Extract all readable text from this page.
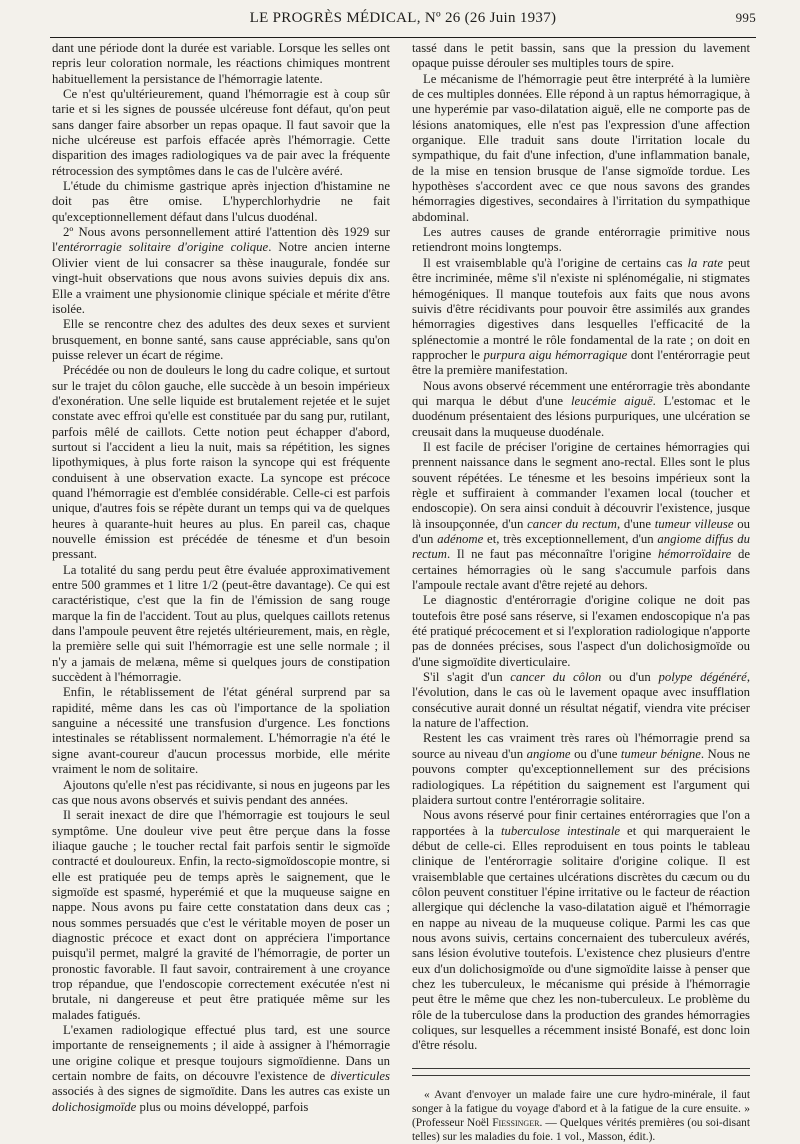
LE PROGRÈS MÉDICAL, Nº 26 (26 Juin 1937)	995

dant une période dont la durée est variable. Lorsque les selles ont repris leur coloration normale, les réactions chimiques montrent habituellement la persistance de l'hémorragie latente.

Ce n'est qu'ultérieurement, quand l'hémorragie est à coup sûr tarie et si les signes de poussée ulcéreuse font défaut, qu'on peut sans danger faire absorber un repas opaque. Il faut savoir que la niche ulcéreuse est parfois effacée après l'hémorragie. Cette disparition des images radiologiques va de pair avec la fréquente rétrocession des symptômes dans le cas de l'ulcère avéré.

L'étude du chimisme gastrique après injection d'histamine ne doit pas être omise. L'hyperchlorhydrie ne fait qu'exceptionnellement défaut dans l'ulcus duodénal.

2º Nous avons personnellement attiré l'attention dès 1929 sur l'entérorragie solitaire d'origine colique. Notre ancien interne Olivier vient de lui consacrer sa thèse inaugurale, fondée sur vingt-huit observations que nous avons suivies depuis dix ans. Elle a vraiment une physionomie clinique spéciale et mérite d'être isolée.

Elle se rencontre chez des adultes des deux sexes et survient brusquement, en bonne santé, sans cause appréciable, sans qu'on puisse relever un écart de régime.

Précédée ou non de douleurs le long du cadre colique, et surtout sur le trajet du côlon gauche, elle succède à un besoin impérieux d'exonération. Une selle liquide est brutalement rejetée et le sujet constate avec effroi qu'elle est constituée par du sang pur, rutilant, parfois mêlé de caillots. Cette notion peut échapper d'abord, surtout si l'accident a lieu la nuit, mais sa répétition, les signes lipothymiques, à plus forte raison la syncope qui est fréquente conduisent à une observation exacte. La syncope est précoce quand l'hémorragie est d'emblée considérable. Celle-ci est parfois unique, d'autres fois se répète durant un temps qui va de quelques heures à quarante-huit heures au plus. En pareil cas, chaque nouvelle émission est précédée de ténesme et d'un besoin pressant.

La totalité du sang perdu peut être évaluée approximativement entre 500 grammes et 1 litre 1/2 (peut-être davantage). Ce qui est caractéristique, c'est que la fin de l'émission de sang rouge marque la fin de l'accident. Tout au plus, quelques caillots retenus dans l'ampoule peuvent être rejetés ultérieurement, mais, en règle, la première selle qui suit l'hémorragie est une selle normale ; il n'y a jamais de melæna, même si quelques jours de constipation succèdent à l'hémorragie.

Enfin, le rétablissement de l'état général surprend par sa rapidité, même dans les cas où l'importance de la spoliation sanguine a nécessité une transfusion d'urgence. Les fonctions intestinales se rétablissent normalement. L'hémorragie n'a été le signe avant-coureur d'aucun processus morbide, elle mérite vraiment le nom de solitaire.

Ajoutons qu'elle n'est pas récidivante, si nous en jugeons par les cas que nous avons observés et suivis pendant des années.

Il serait inexact de dire que l'hémorragie est toujours le seul symptôme. Une douleur vive peut être perçue dans la fosse iliaque gauche ; le toucher rectal fait parfois sentir le sigmoïde contracté et douloureux. Enfin, la recto-sigmoïdoscopie montre, si elle est pratiquée peu de temps après le saignement, que le sigmoïde est spasmé, hyperémié et que la muqueuse saigne en nappe. Nous avons pu faire cette constatation dans deux cas ; nous sommes persuadés que c'est le véritable moyen de poser un diagnostic précoce et exact dont on appréciera l'importance puisqu'il permet, malgré la gravité de l'hémorragie, de porter un pronostic favorable. Il faut savoir, contrairement à une croyance trop répandue, que l'endoscopie correctement exécutée n'est ni brutale, ni dangereuse et peut être pratiquée même sur les malades fatigués.

L'examen radiologique effectué plus tard, est une source importante de renseignements ; il aide à assigner à l'hémorragie une origine colique et presque toujours sigmoïdienne. Dans un certain nombre de faits, on découvre l'existence de diverticules associés à des signes de sigmoïdite. Dans les autres cas existe un dolichosigmoïde plus ou moins développé, parfois

tassé dans le petit bassin, sans que la pression du lavement opaque puisse dérouler ses multiples tours de spire.

Le mécanisme de l'hémorragie peut être interprété à la lumière de ces multiples données. Elle répond à un raptus hémorragique, à une hyperémie par vaso-dilatation aiguë, elle ne comporte pas de lésions anatomiques, elle n'est pas l'expression d'une affection organique. Elle traduit sans doute l'irritation locale du sympathique, du fait d'une infection, d'une inflammation banale, de la mise en tension brusque de l'anse sigmoïde tordue. Les hypothèses s'accordent avec ce que nous savons des grandes hémorragies digestives, secondaires à l'irritation du sympathique abdominal.

Les autres causes de grande entérorragie primitive nous retiendront moins longtemps.

Il est vraisemblable qu'à l'origine de certains cas la rate peut être incriminée, même s'il n'existe ni splénomégalie, ni stigmates hémogéniques. Il manque toutefois aux faits que nous avons suivis d'être récidivants pour pouvoir être assimilés aux grandes hémorragies digestives dans lesquelles l'efficacité de la splénectomie a montré le rôle fondamental de la rate ; on doit en rapprocher le purpura aigu hémorragique dont l'entérorragie peut être la première manifestation.

Nous avons observé récemment une entérorragie très abondante qui marqua le début d'une leucémie aiguë. L'estomac et le duodénum présentaient des lésions purpuriques, une ulcération se creusait dans la muqueuse duodénale.

Il est facile de préciser l'origine de certaines hémorragies qui prennent naissance dans le segment ano-rectal. Elles sont le plus souvent répétées. Le ténesme et les besoins impérieux sont la règle et suffiraient à commander l'examen local (toucher et endoscopie). On sera ainsi conduit à découvrir l'existence, jusque là insoupçonnée, d'un cancer du rectum, d'une tumeur villeuse ou d'un adénome et, très exceptionnellement, d'un angiome diffus du rectum. Il ne faut pas méconnaître l'origine hémorroïdaire de certaines hémorragies où le sang s'accumule parfois dans l'ampoule rectale avant d'être rejeté au dehors.

Le diagnostic d'entérorragie d'origine colique ne doit pas toutefois être posé sans réserve, si l'examen endoscopique n'a pas été pratiqué précocement et si l'exploration radiologique n'apporte pas de données précises, sous l'aspect d'un dolichosigmoïde ou d'une sigmoïdite diverticulaire.

S'il s'agit d'un cancer du côlon ou d'un polype dégénéré, l'évolution, dans le cas où le lavement opaque avec insufflation consécutive aurait donné un résultat négatif, viendra vite préciser la nature de l'affection.

Restent les cas vraiment très rares où l'hémorragie prend sa source au niveau d'un angiome ou d'une tumeur bénigne. Nous ne pouvons compter qu'exceptionnellement sur des précisions radiologiques. La répétition du saignement est l'argument qui plaidera surtout contre l'entérorragie solitaire.

Nous avons réservé pour finir certaines entérorragies que l'on a rapportées à la tuberculose intestinale et qui marqueraient le début de celle-ci. Elles reproduisent en tous points le tableau clinique de l'entérorragie solitaire d'origine colique. Il est vraisemblable que certaines ulcérations discrètes du cæcum ou du côlon peuvent constituer l'épine irritative ou le facteur de réaction allergique qui déclenche la vaso-dilatation aiguë et l'hémorragie en nappe au niveau de la muqueuse colique. Parmi les cas que nous avons suivis, certains concernaient des tuberculeux avérés, sans lésion évolutive toutefois. L'existence chez plusieurs d'entre eux d'un dolichosigmoïde ou d'une sigmoïdite laisse à penser que chez les tuberculeux, le mécanisme qui préside à l'hémorragie peut être le même que chez les non-tuberculeux. Le problème du rôle de la tuberculose dans la production des grandes hémorragies coliques, sur lesquelles a récemment insisté Bonafé, est donc loin d'être résolu.

« Avant d'envoyer un malade faire une cure hydro-minérale, il faut songer à la fatigue du voyage d'abord et à la fatigue de la cure ensuite. » (Professeur Noël Fiessinger. — Quelques vérités premières (ou soi-disant telles) sur les maladies du foie. 1 vol., Masson, édit.).
